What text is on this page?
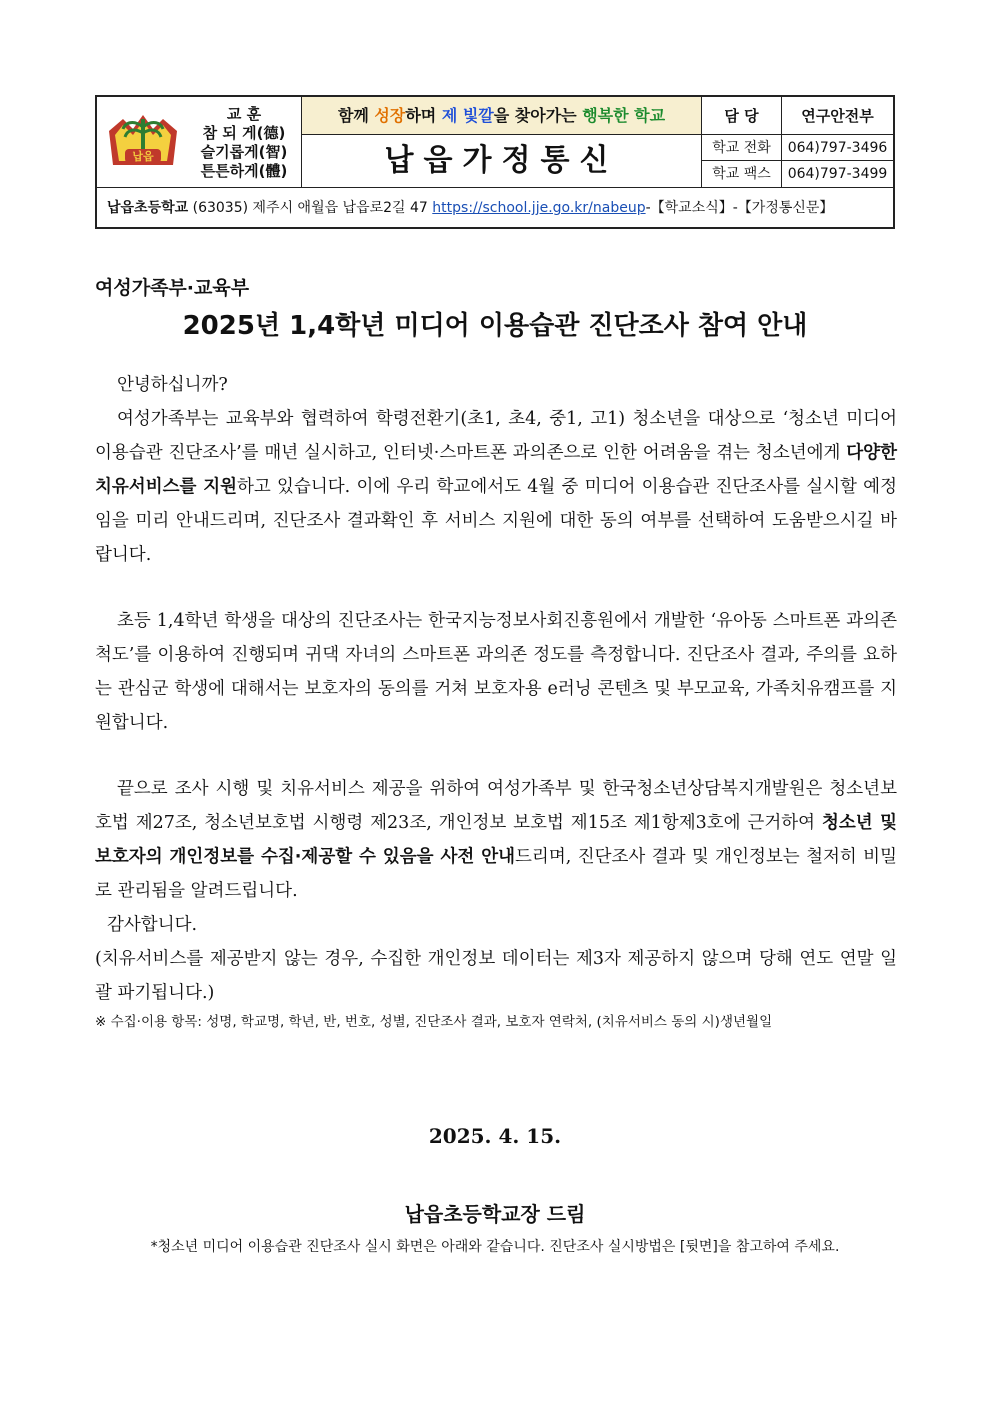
납읍
교 훈
참 되 게(德)
슬기롭게(智)
튼튼하게(體)
함께 성장하며 제 빛깔을 찾아가는 행복한 학교
납읍가정통신
담 당	연구안전부
학교 전화	064)797-3496
학교 팩스	064)797-3499
납읍초등학교 (63035) 제주시 애월읍 납읍로2길 47 https://school.jje.go.kr/nabeup-【학교소식】-【가정통신문】
여성가족부·교육부
2025년 1,4학년 미디어 이용습관 진단조사 참여 안내

안녕하십니까?

여성가족부는 교육부와 협력하여 학령전환기(초1, 초4, 중1, 고1) 청소년을 대상으로 ‘청소년 미디어 이용습관 진단조사’를 매년 실시하고, 인터넷·스마트폰 과의존으로 인한 어려움을 겪는 청소년에게 다양한 치유서비스를 지원하고 있습니다. 이에 우리 학교에서도 4월 중 미디어 이용습관 진단조사를 실시할 예정임을 미리 안내드리며, 진단조사 결과확인 후 서비스 지원에 대한 동의 여부를 선택하여 도움받으시길 바랍니다.

초등 1,4학년 학생을 대상의 진단조사는 한국지능정보사회진흥원에서 개발한 ‘유아동 스마트폰 과의존 척도’를 이용하여 진행되며 귀댁 자녀의 스마트폰 과의존 정도를 측정합니다. 진단조사 결과, 주의를 요하는 관심군 학생에 대해서는 보호자의 동의를 거쳐 보호자용 e러닝 콘텐츠 및 부모교육, 가족치유캠프를 지원합니다.

끝으로 조사 시행 및 치유서비스 제공을 위하여 여성가족부 및 한국청소년상담복지개발원은 청소년보호법 제27조, 청소년보호법 시행령 제23조, 개인정보 보호법 제15조 제1항제3호에 근거하여 청소년 및 보호자의 개인정보를 수집·제공할 수 있음을 사전 안내드리며, 진단조사 결과 및 개인정보는 철저히 비밀로 관리됨을 알려드립니다.

감사합니다.

(치유서비스를 제공받지 않는 경우, 수집한 개인정보 데이터는 제3자 제공하지 않으며 당해 연도 연말 일괄 파기됩니다.)

※ 수집·이용 항목: 성명, 학교명, 학년, 반, 번호, 성별, 진단조사 결과, 보호자 연락처, (치유서비스 동의 시)생년월일

2025. 4. 15.
납읍초등학교장 드림
*청소년 미디어 이용습관 진단조사 실시 화면은 아래와 같습니다. 진단조사 실시방법은 [뒷면]을 참고하여 주세요.
